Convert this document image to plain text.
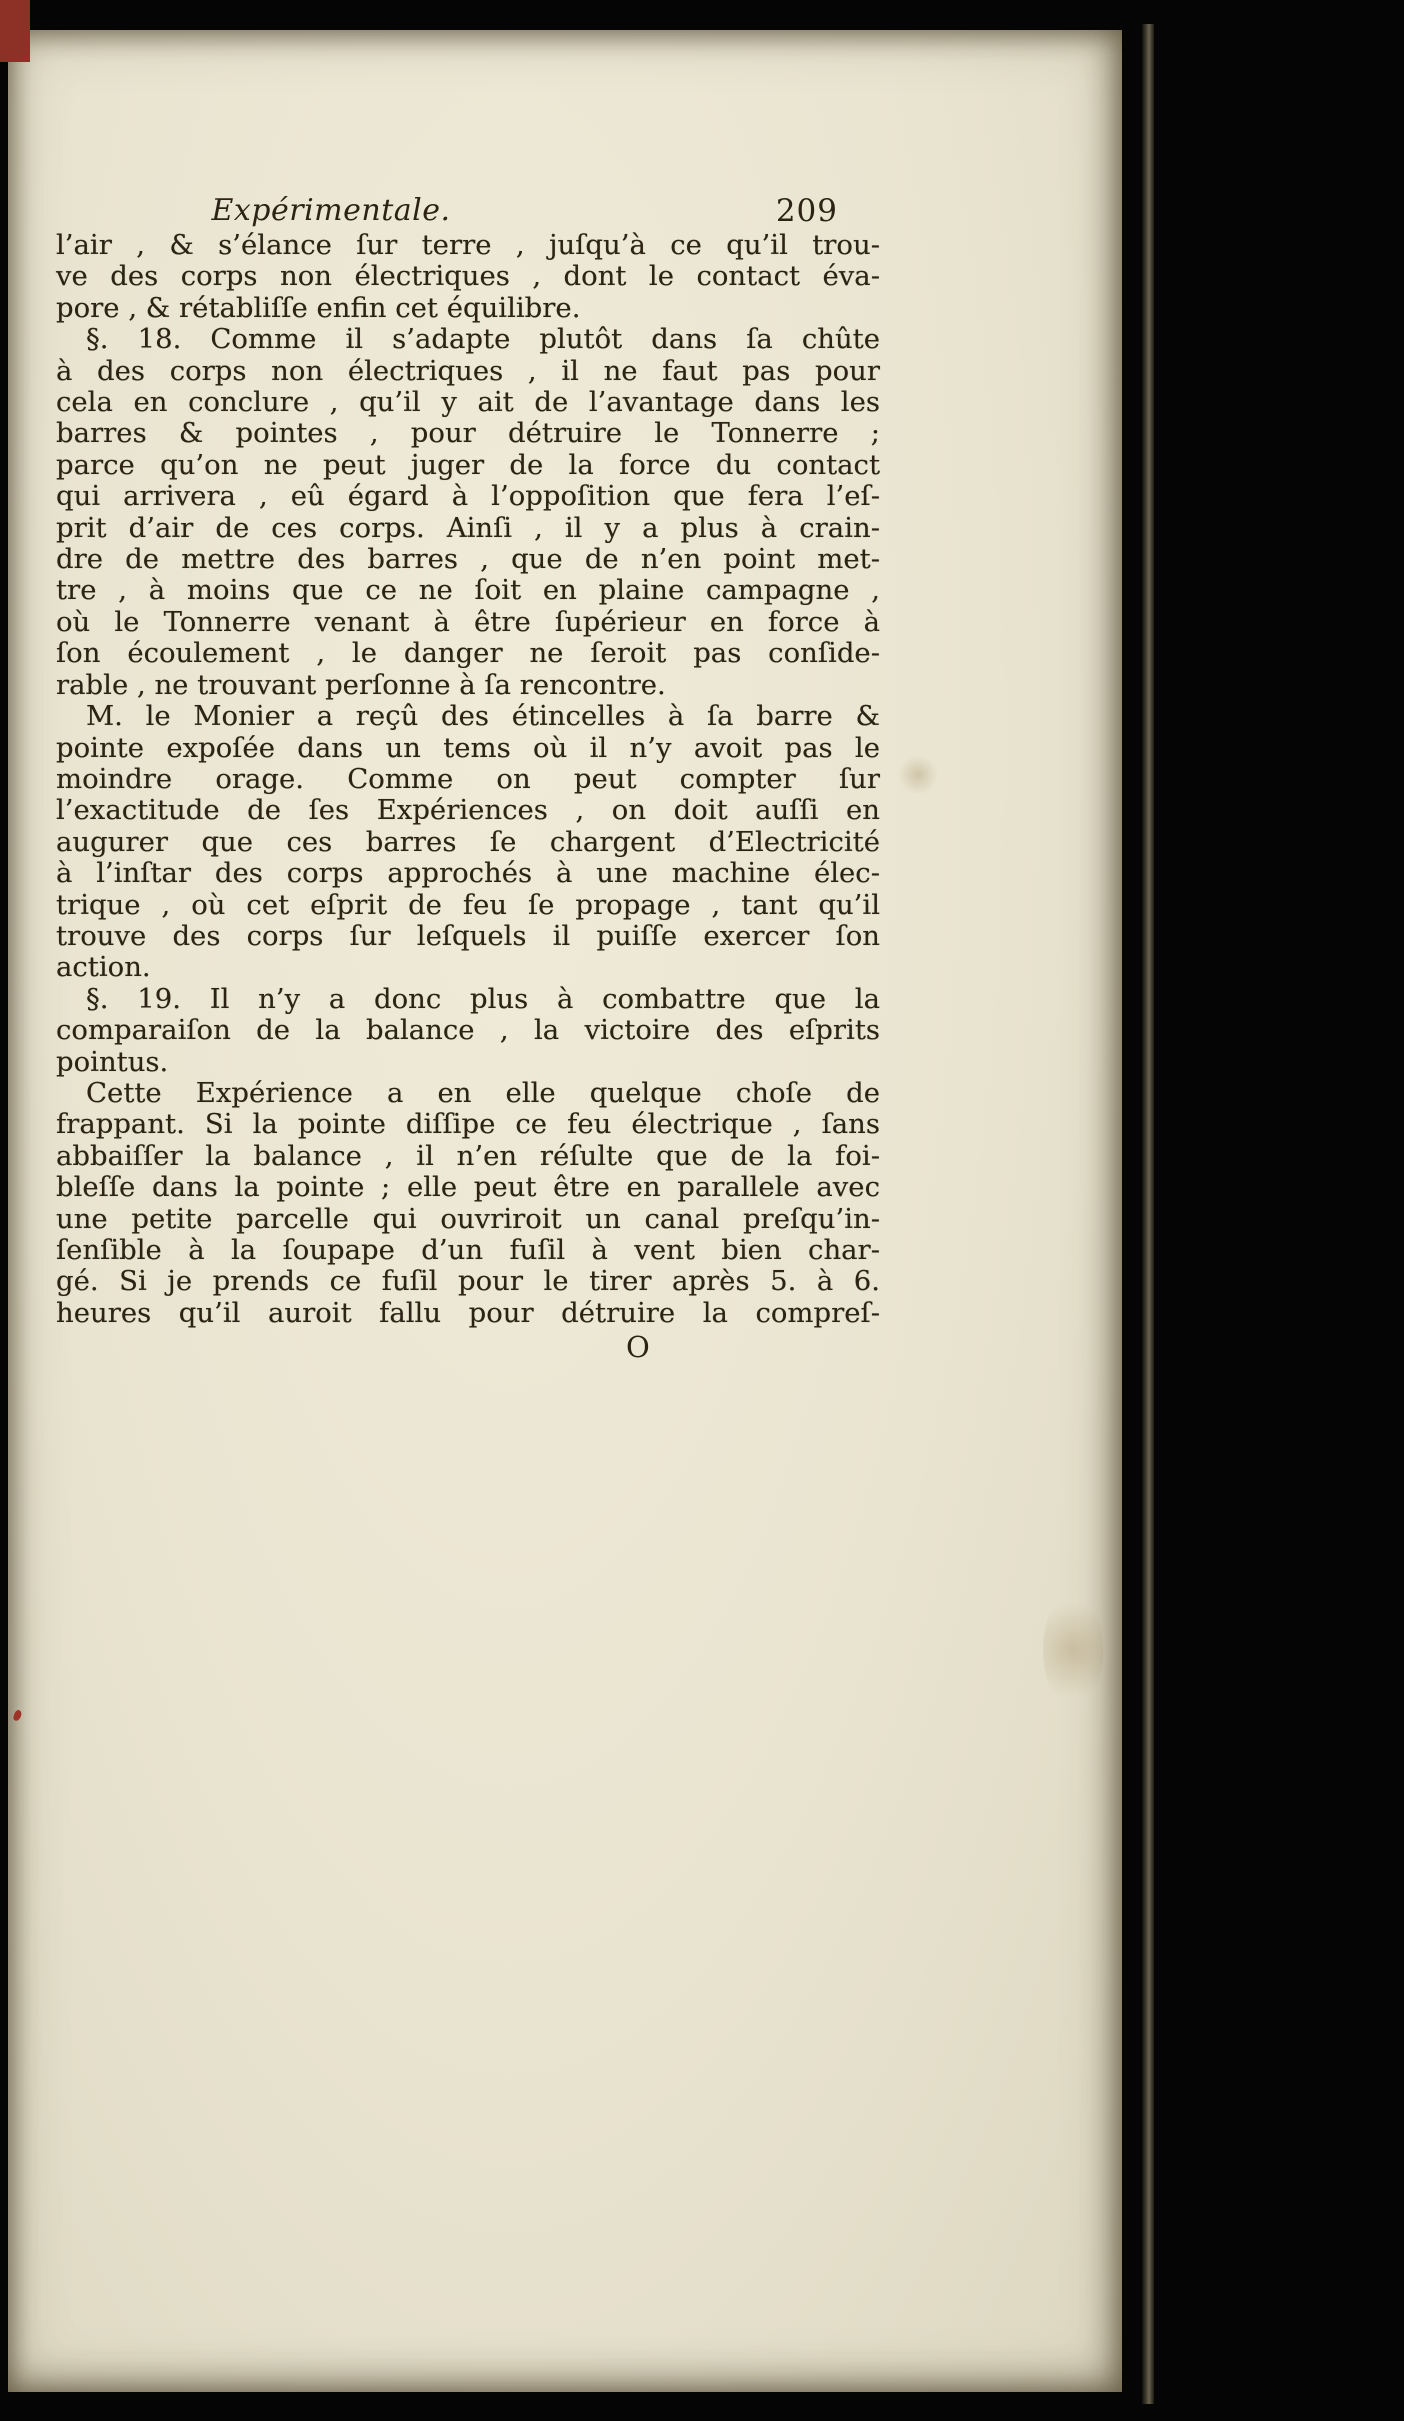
Expérimentale.	209
l’air , & s’élance ſur terre , juſqu’à ce qu’il trou-
ve des corps non électriques , dont le contact éva-
pore , & rétabliſſe enfin cet équilibre.
§. 18. Comme il s’adapte plutôt dans ſa chûte
à des corps non électriques , il ne faut pas pour
cela en conclure , qu’il y ait de l’avantage dans les
barres & pointes , pour détruire le Tonnerre ;
parce qu’on ne peut juger de la force du contact
qui arrivera , eû égard à l’oppoſition que fera l’eſ-
prit d’air de ces corps. Ainſi , il y a plus à crain-
dre de mettre des barres , que de n’en point met-
tre , à moins que ce ne ſoit en plaine campagne ,
où le Tonnerre venant à être ſupérieur en force à
ſon écoulement , le danger ne ſeroit pas conſide-
rable , ne trouvant perſonne à ſa rencontre.
M. le Monier a reçû des étincelles à ſa barre &
pointe expoſée dans un tems où il n’y avoit pas le
moindre orage. Comme on peut compter ſur
l’exactitude de ſes Expériences , on doit auſſi en
augurer que ces barres ſe chargent d’Electricité
à l’inſtar des corps approchés à une machine élec-
trique , où cet eſprit de feu ſe propage , tant qu’il
trouve des corps ſur leſquels il puiſſe exercer ſon
action.
§. 19. Il n’y a donc plus à combattre que la
comparaiſon de la balance , la victoire des eſprits
pointus.
Cette Expérience a en elle quelque choſe de
frappant. Si la pointe diſſipe ce feu électrique , ſans
abbaiſſer la balance , il n’en réſulte que de la foi-
bleſſe dans la pointe ; elle peut être en parallele avec
une petite parcelle qui ouvriroit un canal preſqu’in-
ſenſible à la ſoupape d’un fuſil à vent bien char-
gé. Si je prends ce fuſil pour le tirer après 5. à 6.
heures qu’il auroit fallu pour détruire la compreſ-
O
